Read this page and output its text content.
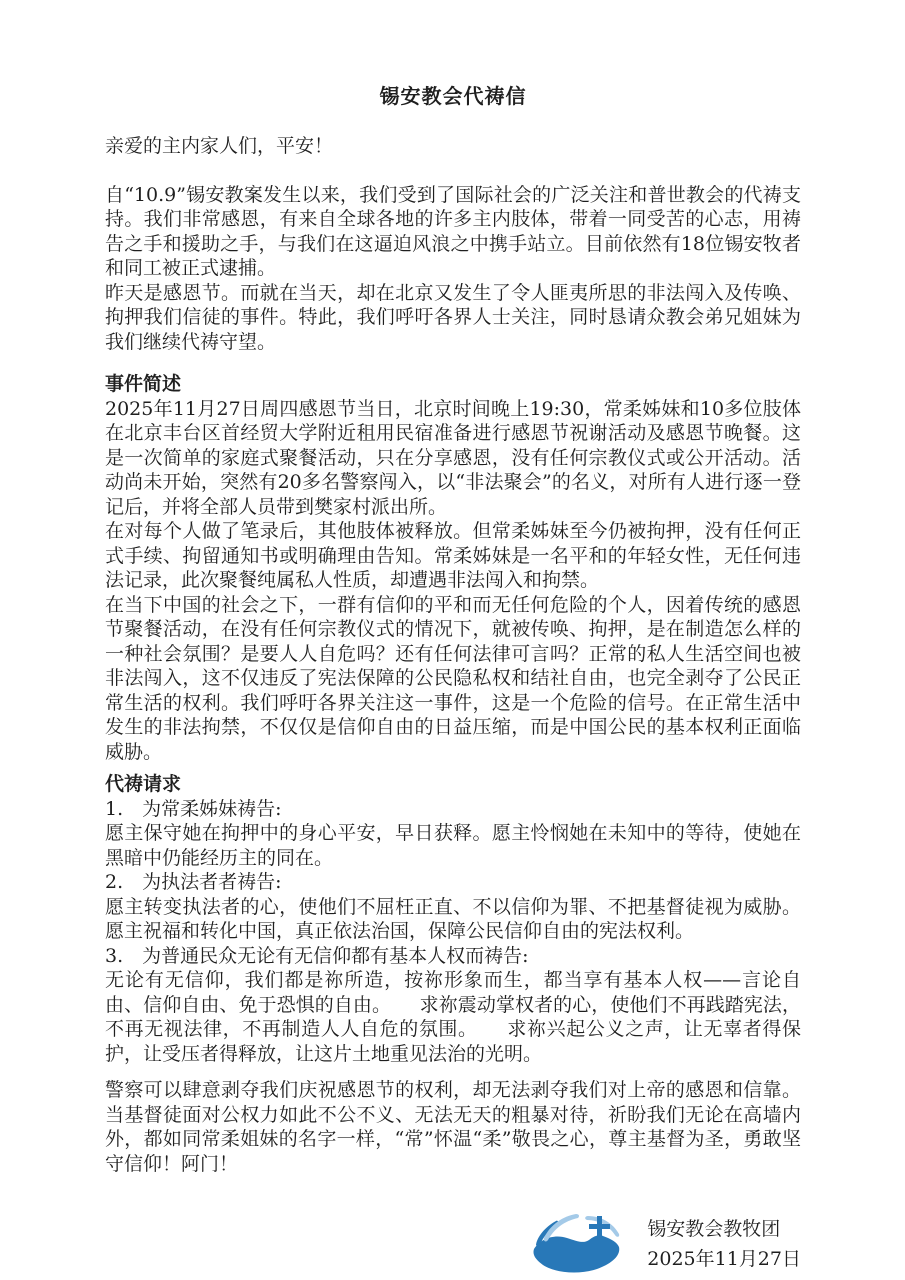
锡安教会代祷信

亲爱的主内家人们，平安！

自“10.9”锡安教案发生以来，我们受到了国际社会的广泛关注和普世教会的代祷支持。我们非常感恩，有来自全球各地的许多主内肢体，带着一同受苦的心志，用祷告之手和援助之手，与我们在这逼迫风浪之中携手站立。目前依然有18位锡安牧者和同工被正式逮捕。

昨天是感恩节。而就在当天，却在北京又发生了令人匪夷所思的非法闯入及传唤、拘押我们信徒的事件。特此，我们呼吁各界人士关注，同时恳请众教会弟兄姐妹为我们继续代祷守望。

事件简述

2025年11月27日周四感恩节当日，北京时间晚上19:30，常柔姊妹和10多位肢体在北京丰台区首经贸大学附近租用民宿准备进行感恩节祝谢活动及感恩节晚餐。这是一次简单的家庭式聚餐活动，只在分享感恩，没有任何宗教仪式或公开活动。活动尚未开始，突然有20多名警察闯入，以“非法聚会”的名义，对所有人进行逐一登记后，并将全部人员带到樊家村派出所。

在对每个人做了笔录后，其他肢体被释放。但常柔姊妹至今仍被拘押，没有任何正式手续、拘留通知书或明确理由告知。常柔姊妹是一名平和的年轻女性，无任何违法记录，此次聚餐纯属私人性质，却遭遇非法闯入和拘禁。

在当下中国的社会之下，一群有信仰的平和而无任何危险的个人，因着传统的感恩节聚餐活动，在没有任何宗教仪式的情况下，就被传唤、拘押，是在制造怎么样的一种社会氛围？是要人人自危吗？还有任何法律可言吗？正常的私人生活空间也被非法闯入，这不仅违反了宪法保障的公民隐私权和结社自由，也完全剥夺了公民正常生活的权利。我们呼吁各界关注这一事件，这是一个危险的信号。在正常生活中发生的非法拘禁，不仅仅是信仰自由的日益压缩，而是中国公民的基本权利正面临威胁。

代祷请求

1.　为常柔姊妹祷告:

愿主保守她在拘押中的身心平安，早日获释。愿主怜悯她在未知中的等待，使她在黑暗中仍能经历主的同在。

2.　为执法者者祷告:

愿主转变执法者的心，使他们不屈枉正直、不以信仰为罪、不把基督徒视为威胁。愿主祝福和转化中国，真正依法治国，保障公民信仰自由的宪法权利。

3.　为普通民众无论有无信仰都有基本人权而祷告:

无论有无信仰，我们都是祢所造，按祢形象而生，都当享有基本人权——言论自由、信仰自由、免于恐惧的自由。　　求祢震动掌权者的心，使他们不再践踏宪法，不再无视法律，不再制造人人自危的氛围。　　求祢兴起公义之声，让无辜者得保护，让受压者得释放，让这片土地重见法治的光明。

警察可以肆意剥夺我们庆祝感恩节的权利，却无法剥夺我们对上帝的感恩和信靠。当基督徒面对公权力如此不公不义、无法无天的粗暴对待，祈盼我们无论在高墙内外，都如同常柔姐妹的名字一样，“常”怀温“柔”敬畏之心，尊主基督为圣，勇敢坚守信仰！阿门！

锡安教会教牧团

2025年11月27日
